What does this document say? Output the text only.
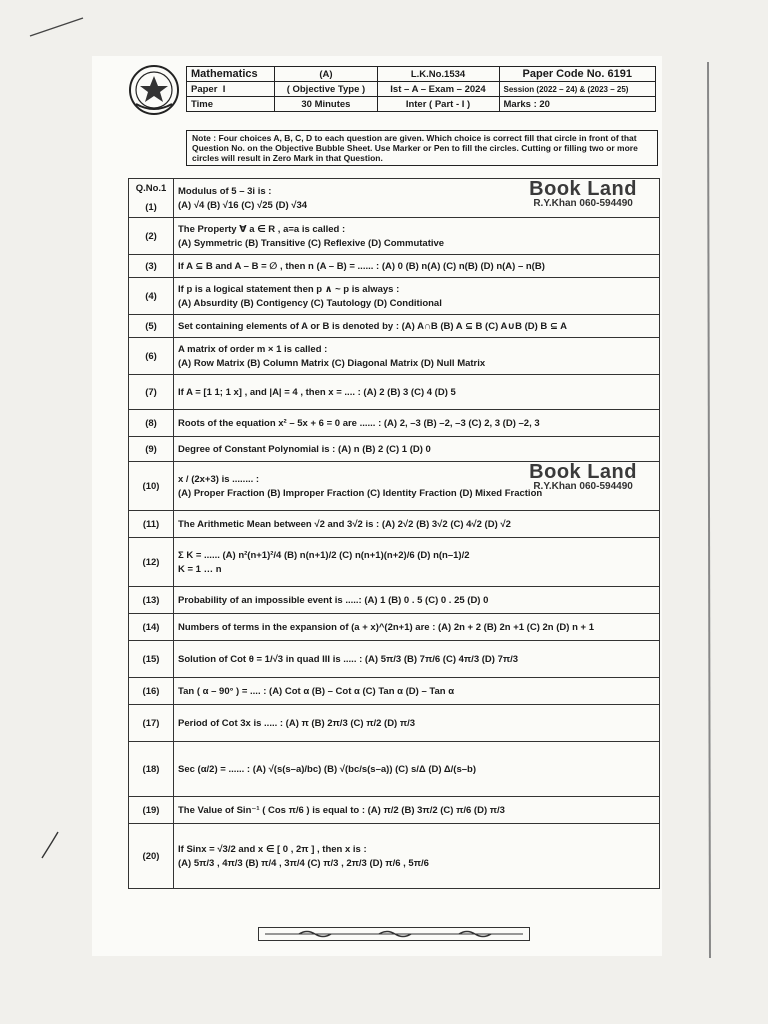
Mathematics	(A)	L.K.No.1534	Paper Code No. 6191
Paper I	( Objective Type )	Ist – A – Exam – 2024	Session (2022 – 24) & (2023 – 25)
Time	30 Minutes	Inter ( Part - I )	Marks : 20
Note : Four choices A, B, C, D to each question are given. Which choice is correct fill that circle in front of that Question No. on the Objective Bubble Sheet. Use Marker or Pen to fill the circles. Cutting or filling two or more circles will result in Zero Mark in that Question.
Q.No.1
(1)	Modulus of 5 – 3i is :
(A) √4 (B) √16 (C) √25 (D) √34
Book Land
R.Y.Khan 060-594490

(2)	The Property ∀ a ∈ R , a=a is called :
(A) Symmetric (B) Transitive (C) Reflexive (D) Commutative

(3)	If A ⊆ B and A – B = ∅ , then n (A – B) = ...... : (A) 0 (B) n(A) (C) n(B) (D) n(A) – n(B)

(4)	If p is a logical statement then p ∧ ~ p is always :
(A) Absurdity (B) Contigency (C) Tautology (D) Conditional

(5)	Set containing elements of A or B is denoted by : (A) A∩B (B) A ⊆ B (C) A∪B (D) B ⊆ A

(6)	A matrix of order m × 1 is called :
(A) Row Matrix (B) Column Matrix (C) Diagonal Matrix (D) Null Matrix

(7)	If A = [1 1; 1 x] , and |A| = 4 , then x = .... : (A) 2 (B) 3 (C) 4 (D) 5

(8)	Roots of the equation x² – 5x + 6 = 0 are ...... : (A) 2, –3 (B) –2, –3 (C) 2, 3 (D) –2, 3

(9)	Degree of Constant Polynomial is : (A) n (B) 2 (C) 1 (D) 0

(10)	x / (2x+3) is ........ :
(A) Proper Fraction (B) Improper Fraction (C) Identity Fraction (D) Mixed Fraction
Book Land
R.Y.Khan 060-594490

(11)	The Arithmetic Mean between √2 and 3√2 is : (A) 2√2 (B) 3√2 (C) 4√2 (D) √2

(12)	Σ K = ...... (A) n²(n+1)²/4 (B) n(n+1)/2 (C) n(n+1)(n+2)/6 (D) n(n–1)/2
K = 1 … n

(13)	Probability of an impossible event is .....: (A) 1 (B) 0 . 5 (C) 0 . 25 (D) 0

(14)	Numbers of terms in the expansion of (a + x)^(2n+1) are : (A) 2n + 2 (B) 2n +1 (C) 2n (D) n + 1

(15)	Solution of Cot θ = 1/√3 in quad III is ..... : (A) 5π/3 (B) 7π/6 (C) 4π/3 (D) 7π/3

(16)	Tan ( α – 90° ) = .... : (A) Cot α (B) – Cot α (C) Tan α (D) – Tan α

(17)	Period of Cot 3x is ..... : (A) π (B) 2π/3 (C) π/2 (D) π/3

(18)	Sec (α/2) = ...... : (A) √(s(s–a)/bc) (B) √(bc/s(s–a)) (C) s/Δ (D) Δ/(s–b)

(19)	The Value of Sin⁻¹ ( Cos π/6 ) is equal to : (A) π/2 (B) 3π/2 (C) π/6 (D) π/3

(20)	If Sinx = √3/2 and x ∈ [ 0 , 2π ] , then x is :
(A) 5π/3 , 4π/3 (B) π/4 , 3π/4 (C) π/3 , 2π/3 (D) π/6 , 5π/6
